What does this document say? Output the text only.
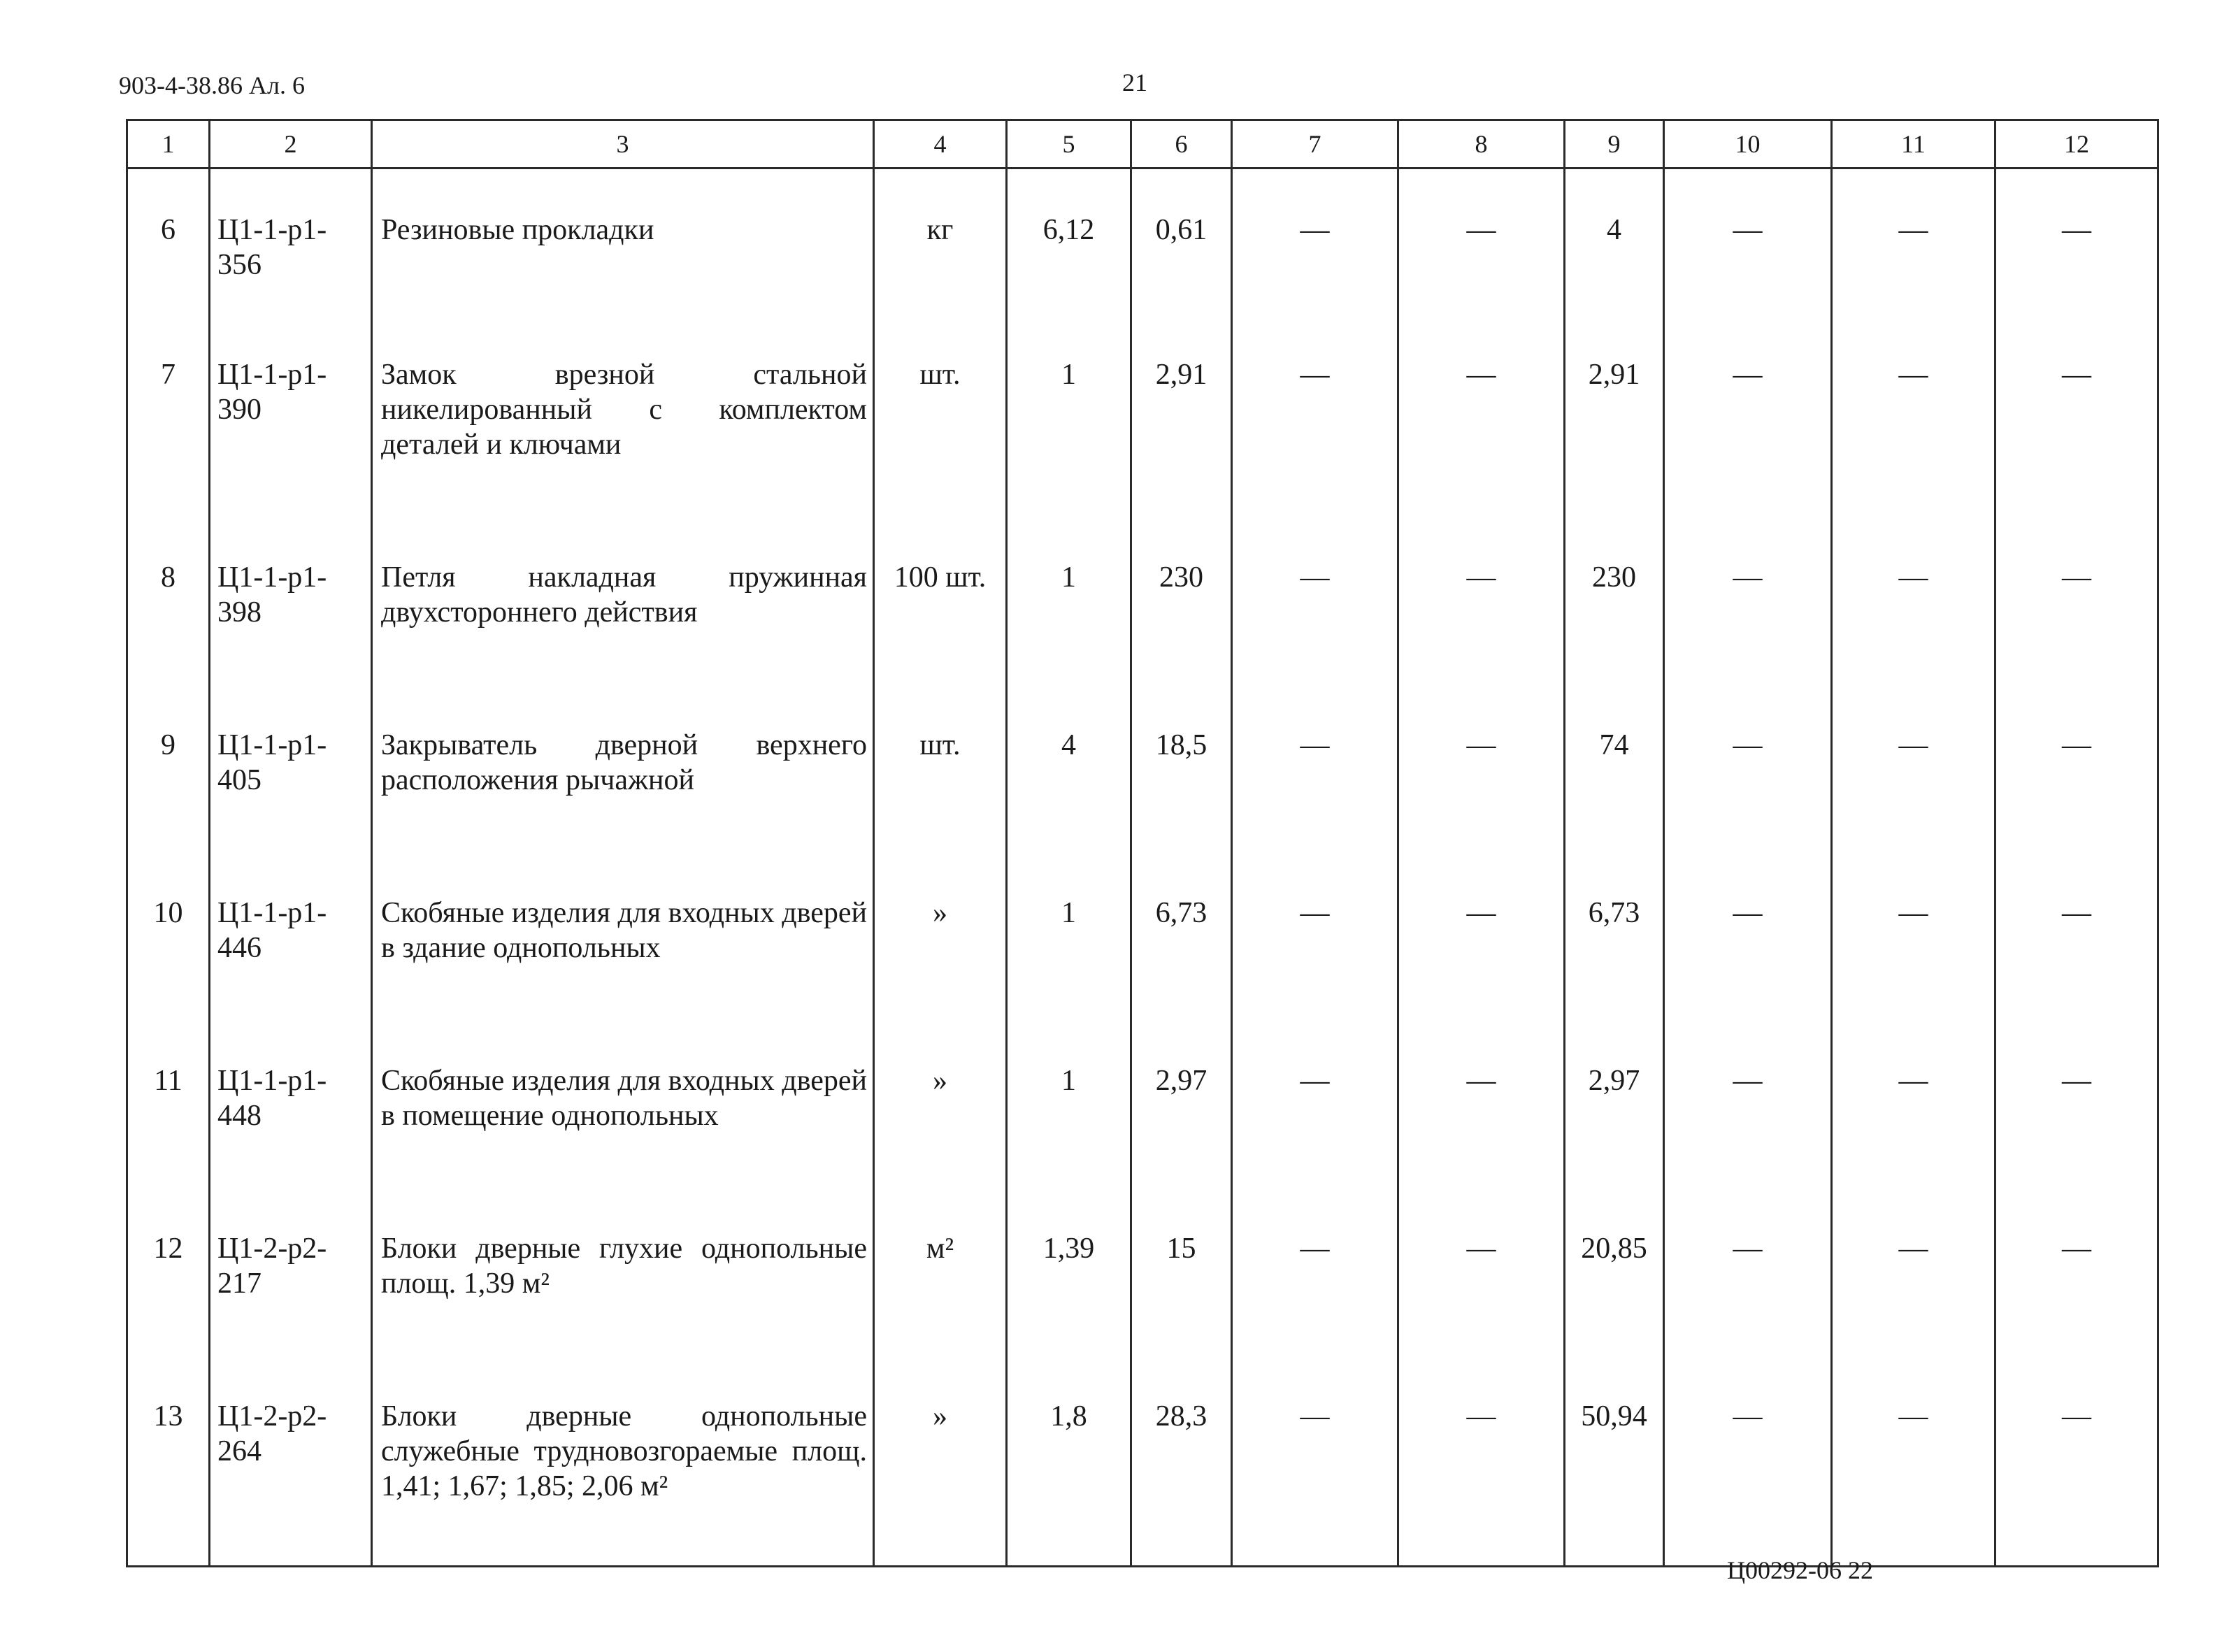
903-4-38.86 Ал. 6	21
1	2	3	4	5	6	7	8	9	10	11	12
6	Ц1-1-р1-356	Резиновые прокладки	кг	6,12	0,61	—	—	4	—	—	—
7	Ц1-1-р1-390	Замок врезной стальной никелированный с комплектом деталей и ключами	шт.	1	2,91	—	—	2,91	—	—	—
8	Ц1-1-р1-398	Петля накладная пружинная двухстороннего действия	100 шт.	1	230	—	—	230	—	—	—
9	Ц1-1-р1-405	Закрыватель дверной верхнего расположения рычажной	шт.	4	18,5	—	—	74	—	—	—
10	Ц1-1-р1-446	Скобяные изделия для входных дверей в здание однопольных	»	1	6,73	—	—	6,73	—	—	—
11	Ц1-1-р1-448	Скобяные изделия для входных дверей в помещение однопольных	»	1	2,97	—	—	2,97	—	—	—
12	Ц1-2-р2-217	Блоки дверные глухие однопольные площ. 1,39 м²	м²	1,39	15	—	—	20,85	—	—	—
13	Ц1-2-р2-264	Блоки дверные однопольные служебные трудновозгораемые площ. 1,41; 1,67; 1,85; 2,06 м²	»	1,8	28,3	—	—	50,94	—	—	—
Ц00292-06 22
